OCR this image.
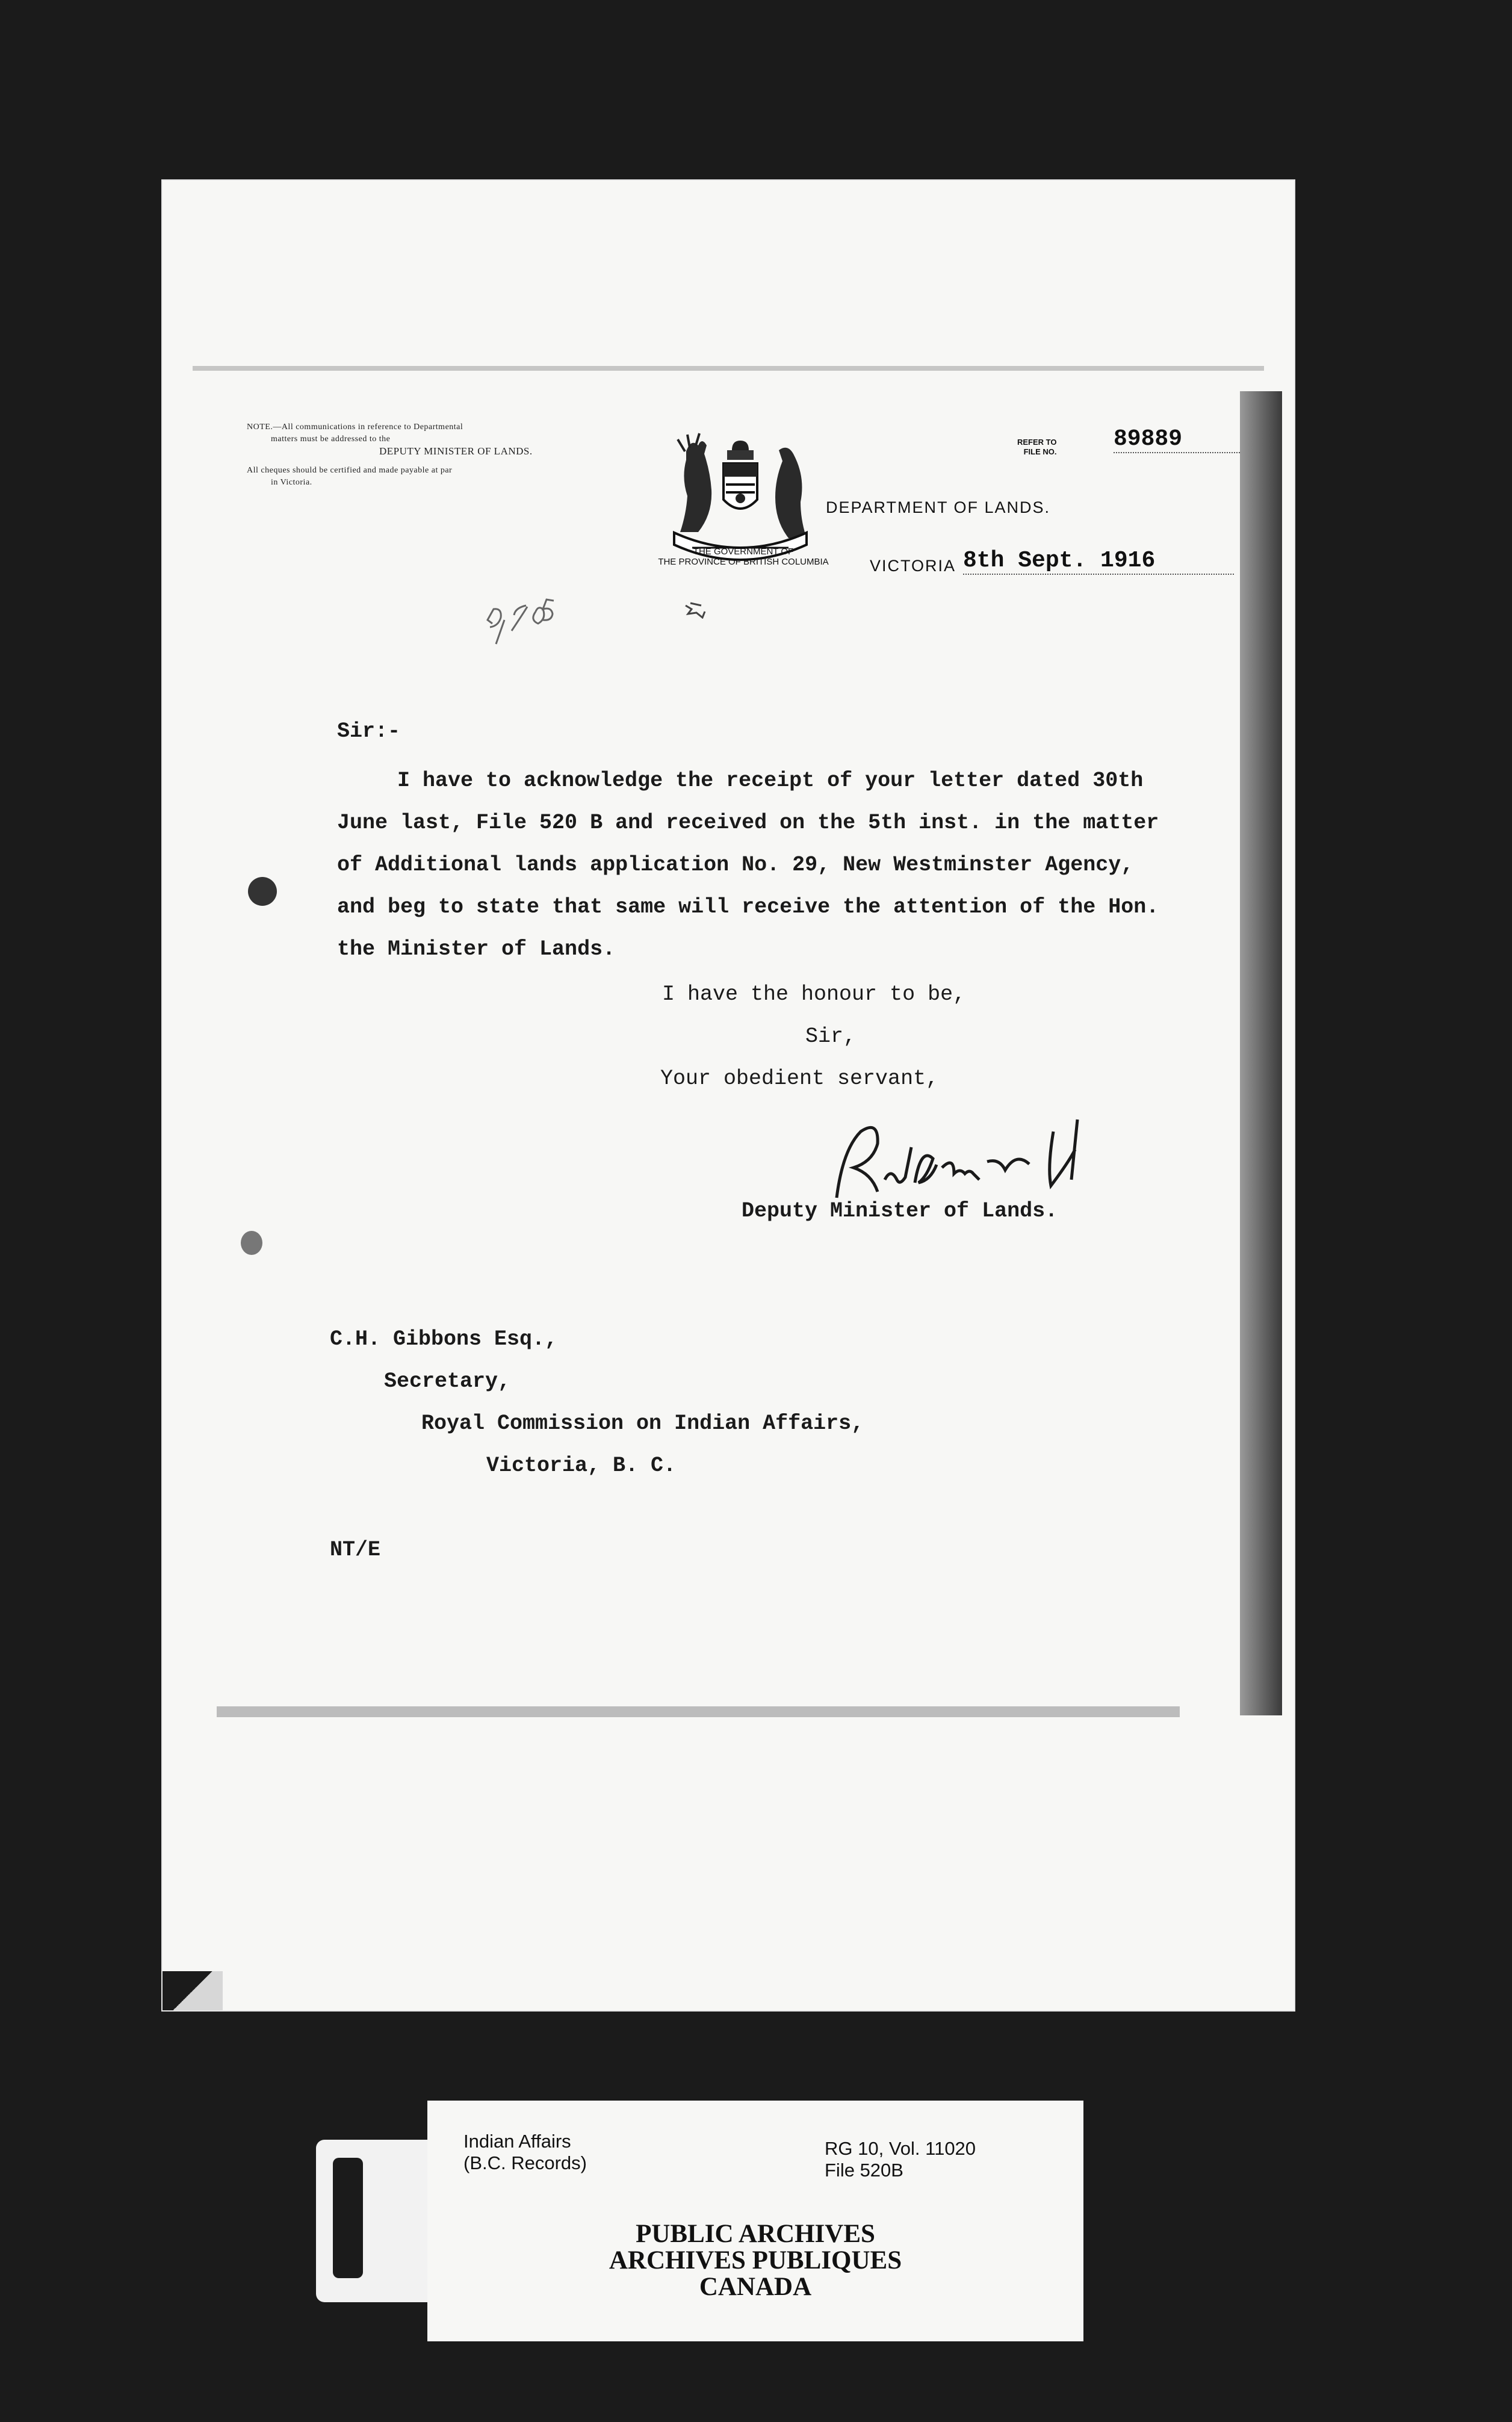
NOTE.—All communications in reference to Departmental
matters must be addressed to the
DEPUTY MINISTER OF LANDS.
All cheques should be certified and made payable at par
in Victoria.
THE GOVERNMENT OF
THE PROVINCE OF BRITISH COLUMBIA
DEPARTMENT OF LANDS.
REFER TO
FILE NO. 89889
VICTORIA 8th Sept. 1916
Sir:-
I have to acknowledge the receipt of your letter dated 30th
June last, File 520 B and received on the 5th inst. in the matter
of Additional lands application No. 29, New Westminster Agency,
and beg to state that same will receive the attention of the Hon.
the Minister of Lands.
I have the honour to be,
Sir,
Your obedient servant,
Deputy Minister of Lands.
C.H. Gibbons Esq.,
Secretary,
Royal Commission on Indian Affairs,
Victoria, B. C.
NT/E
Indian Affairs
(B.C. Records)
RG 10, Vol. 11020
File 520B
PUBLIC ARCHIVES
ARCHIVES PUBLIQUES
CANADA
